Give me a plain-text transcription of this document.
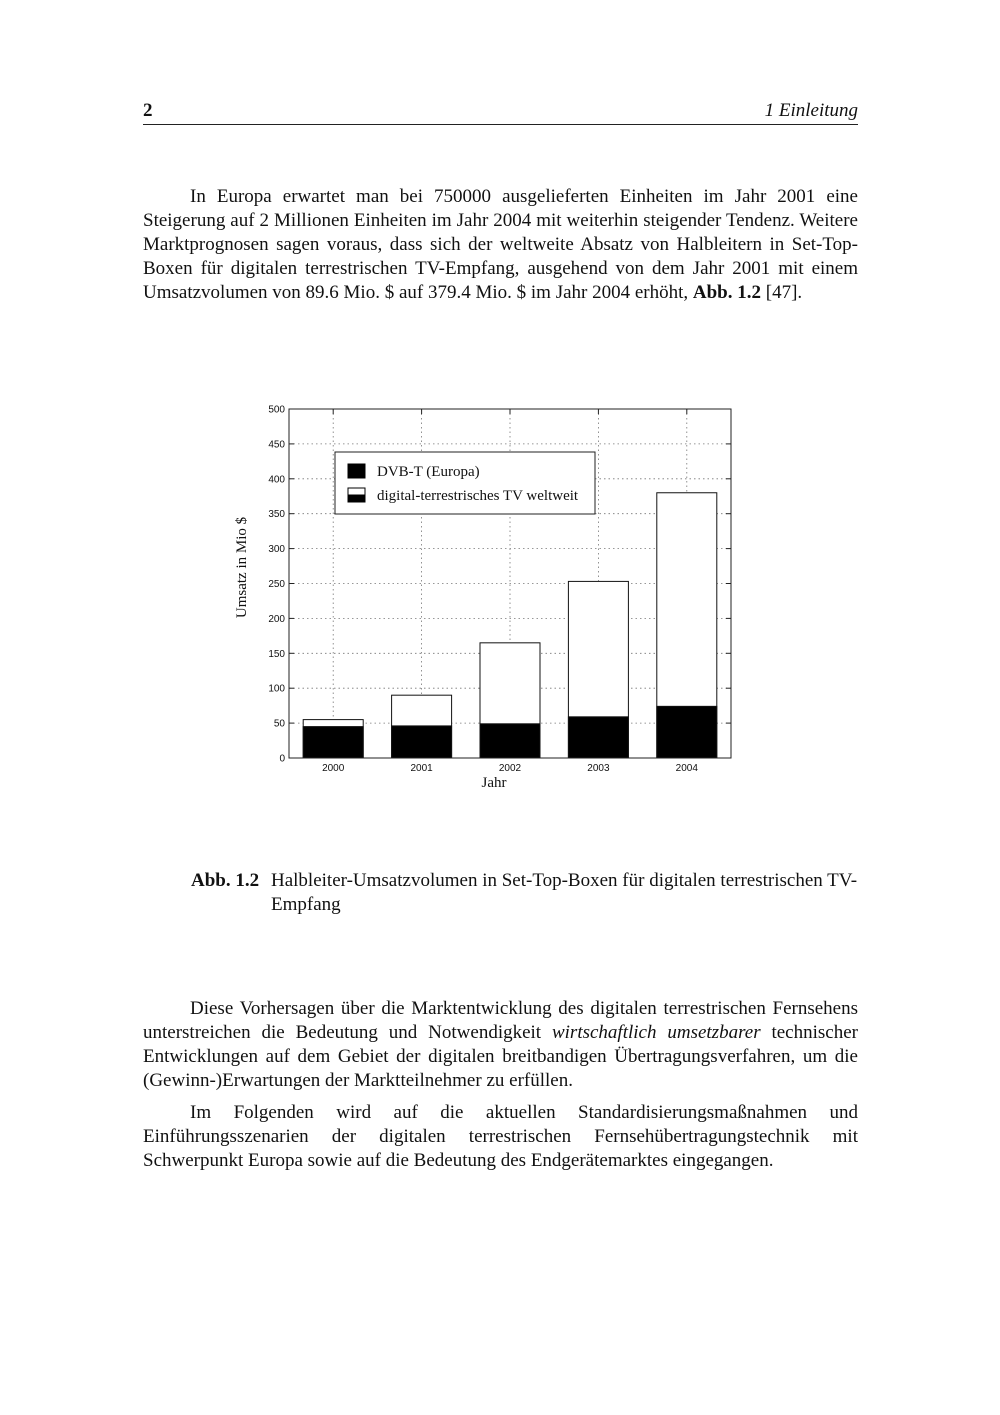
2	1 Einleitung

In Europa erwartet man bei 750000 ausgelieferten Einheiten im Jahr 2001 eine Steigerung auf 2 Millionen Einheiten im Jahr 2004 mit weiterhin steigender Tendenz. Weitere Marktprognosen sagen voraus, dass sich der weltweite Absatz von Halbleitern in Set-Top-Boxen für digitalen terrestrischen TV-Empfang, ausgehend von dem Jahr 2001 mit einem Umsatzvolumen von 89.6 Mio. $ auf 379.4 Mio. $ im Jahr 2004 erhöht, Abb. 1.2 [47].

0
50
100
150
200
250
300
350
400
450
500
2000	2001	2002	2003	2004
Jahr
Umsatz in Mio $
DVB-T (Europa)
digital-terrestrisches TV weltweit
Abb. 1.2 Halbleiter-Umsatzvolumen in Set-Top-Boxen für digitalen terrestrischen TV-Empfang

Diese Vorhersagen über die Marktentwicklung des digitalen terrestrischen Fernsehens unterstreichen die Bedeutung und Notwendigkeit wirtschaftlich umsetzbarer technischer Entwicklungen auf dem Gebiet der digitalen breitbandigen Übertragungsverfahren, um die (Gewinn-)Erwartungen der Marktteilnehmer zu erfüllen.

Im Folgenden wird auf die aktuellen Standardisierungsmaßnahmen und Einführungsszenarien der digitalen terrestrischen Fernsehübertragungstechnik mit Schwerpunkt Europa sowie auf die Bedeutung des Endgerätemarktes eingegangen.
